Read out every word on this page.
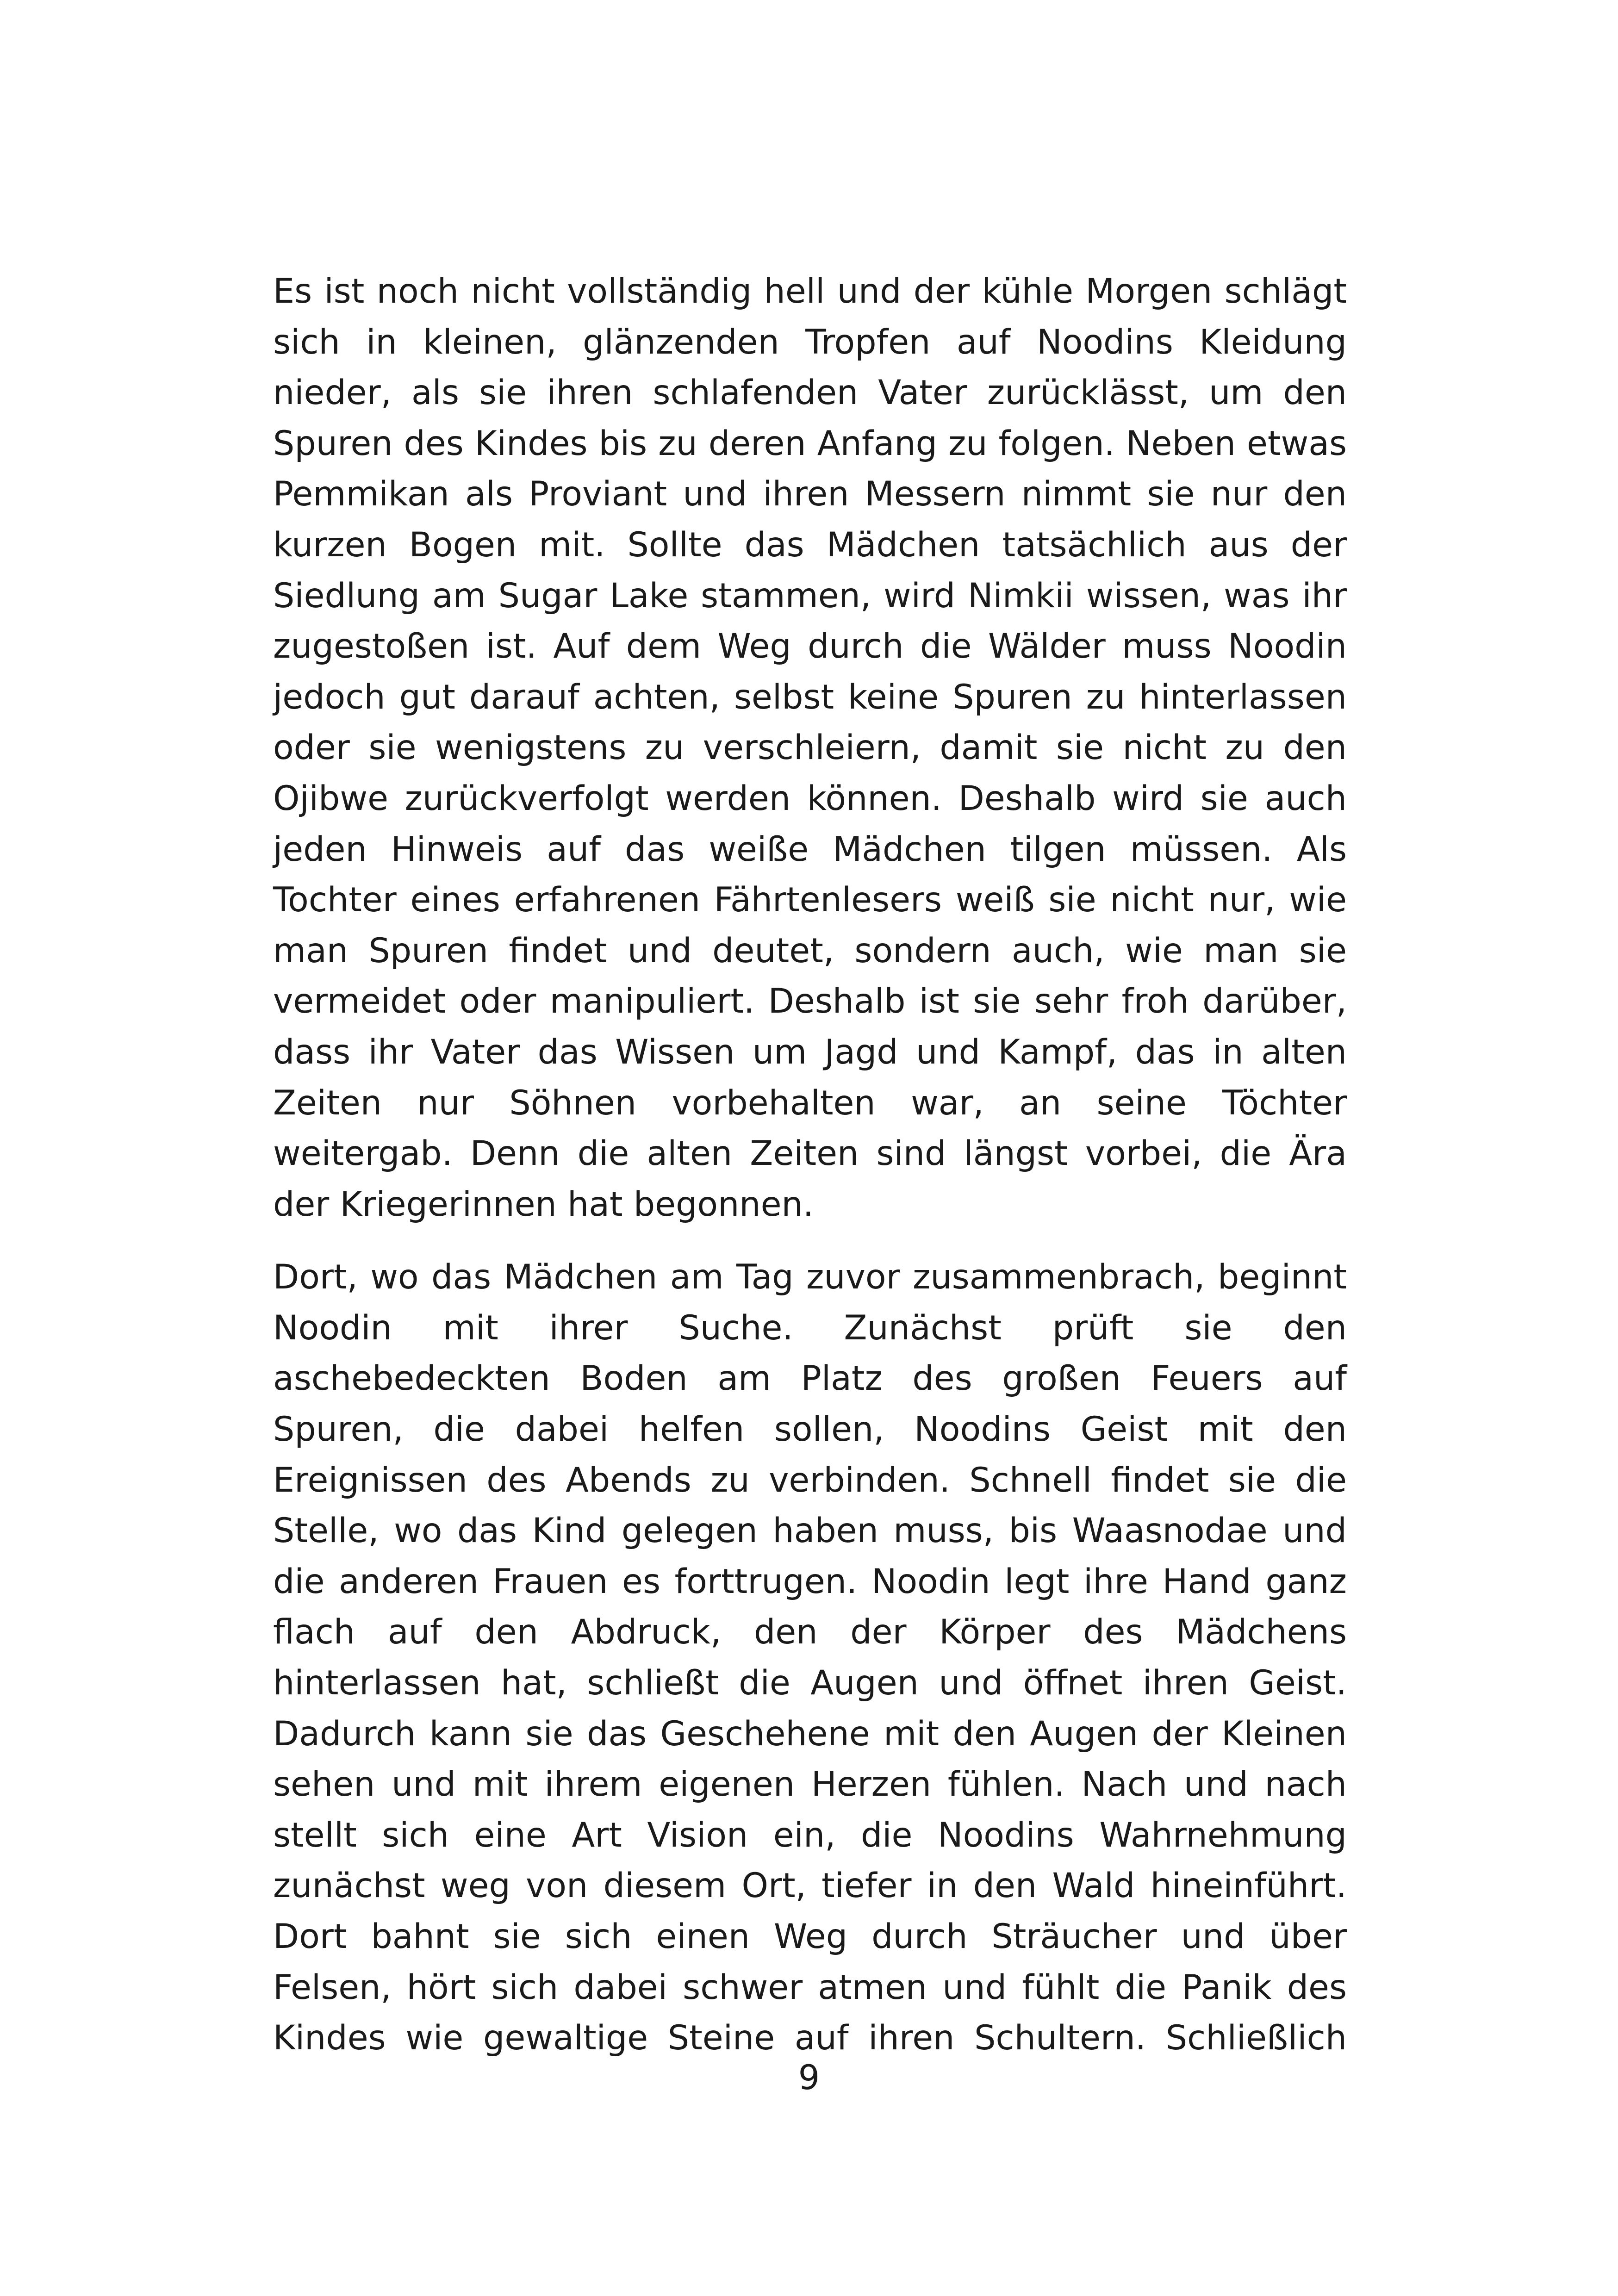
Es ist noch nicht vollständig hell und der kühle Morgen schlägt sich in kleinen, glänzenden Tropfen auf Noodins Kleidung nieder, als sie ihren schlafenden Vater zurücklässt, um den Spuren des Kindes bis zu deren Anfang zu folgen. Neben etwas Pemmikan als Proviant und ihren Messern nimmt sie nur den kurzen Bogen mit. Sollte das Mädchen tatsächlich aus der Siedlung am Sugar Lake stammen, wird Nimkii wissen, was ihr zugestoßen ist. Auf dem Weg durch die Wälder muss Noodin jedoch gut darauf achten, selbst keine Spuren zu hinterlassen oder sie wenigstens zu verschleiern, damit sie nicht zu den Ojibwe zurückverfolgt werden können. Deshalb wird sie auch jeden Hinweis auf das weiße Mädchen tilgen müssen. Als Tochter eines erfahrenen Fährtenlesers weiß sie nicht nur, wie man Spuren findet und deutet, sondern auch, wie man sie vermeidet oder manipuliert. Deshalb ist sie sehr froh darüber, dass ihr Vater das Wissen um Jagd und Kampf, das in alten Zeiten nur Söhnen vorbehalten war, an seine Töchter weitergab. Denn die alten Zeiten sind längst vorbei, die Ära der Kriegerinnen hat begonnen.

Dort, wo das Mädchen am Tag zuvor zusammenbrach, beginnt Noodin mit ihrer Suche. Zunächst prüft sie den aschebedeckten Boden am Platz des großen Feuers auf Spuren, die dabei helfen sollen, Noodins Geist mit den Ereignissen des Abends zu verbinden. Schnell findet sie die Stelle, wo das Kind gelegen haben muss, bis Waasnodae und die anderen Frauen es forttrugen. Noodin legt ihre Hand ganz flach auf den Abdruck, den der Körper des Mädchens hinterlassen hat, schließt die Augen und öffnet ihren Geist. Dadurch kann sie das Geschehene mit den Augen der Kleinen sehen und mit ihrem eigenen Herzen fühlen. Nach und nach stellt sich eine Art Vision ein, die Noodins Wahrnehmung zunächst weg von diesem Ort, tiefer in den Wald hineinführt. Dort bahnt sie sich einen Weg durch Sträucher und über Felsen, hört sich dabei schwer atmen und fühlt die Panik des Kindes wie gewaltige Steine auf ihren Schultern. Schließlich

9
